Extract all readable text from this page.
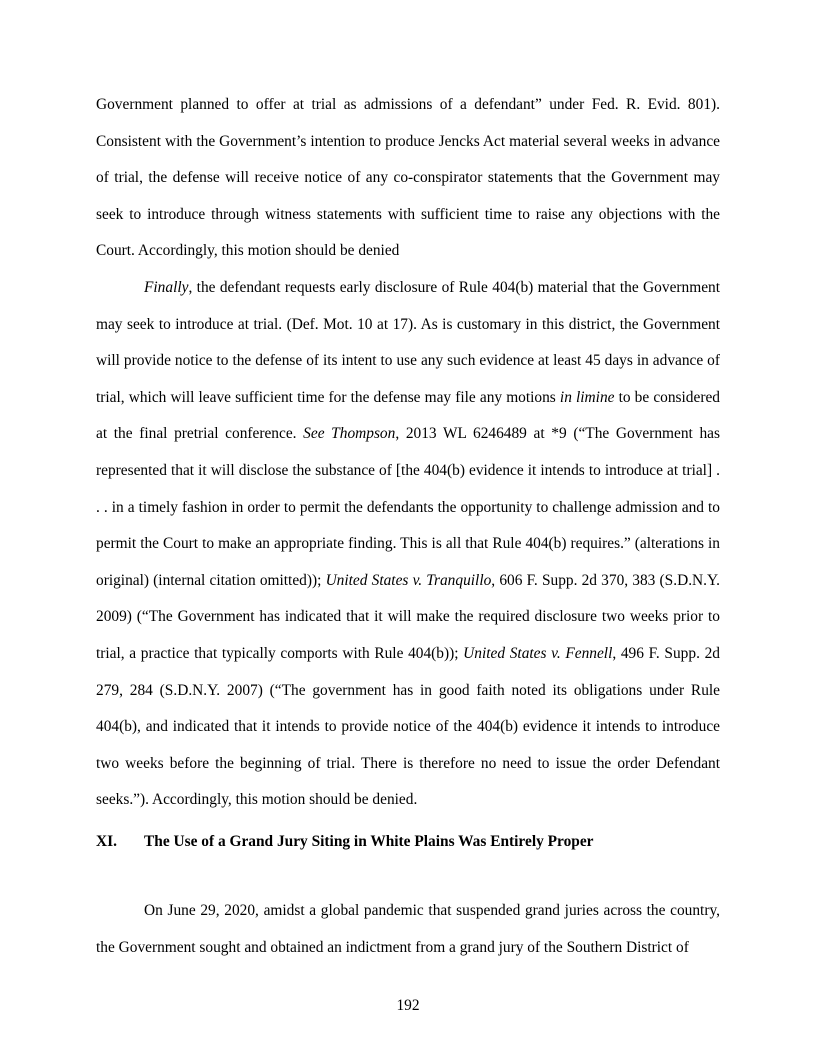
Government planned to offer at trial as admissions of a defendant” under Fed. R. Evid. 801). Consistent with the Government’s intention to produce Jencks Act material several weeks in advance of trial, the defense will receive notice of any co-conspirator statements that the Government may seek to introduce through witness statements with sufficient time to raise any objections with the Court. Accordingly, this motion should be denied

Finally, the defendant requests early disclosure of Rule 404(b) material that the Government may seek to introduce at trial. (Def. Mot. 10 at 17). As is customary in this district, the Government will provide notice to the defense of its intent to use any such evidence at least 45 days in advance of trial, which will leave sufficient time for the defense may file any motions in limine to be considered at the final pretrial conference. See Thompson, 2013 WL 6246489 at *9 (“The Government has represented that it will disclose the substance of [the 404(b) evidence it intends to introduce at trial] . . . in a timely fashion in order to permit the defendants the opportunity to challenge admission and to permit the Court to make an appropriate finding. This is all that Rule 404(b) requires.” (alterations in original) (internal citation omitted)); United States v. Tranquillo, 606 F. Supp. 2d 370, 383 (S.D.N.Y. 2009) (“The Government has indicated that it will make the required disclosure two weeks prior to trial, a practice that typically comports with Rule 404(b)); United States v. Fennell, 496 F. Supp. 2d 279, 284 (S.D.N.Y. 2007) (“The government has in good faith noted its obligations under Rule 404(b), and indicated that it intends to provide notice of the 404(b) evidence it intends to introduce two weeks before the beginning of trial. There is therefore no need to issue the order Defendant seeks.”). Accordingly, this motion should be denied.

XI. The Use of a Grand Jury Siting in White Plains Was Entirely Proper

On June 29, 2020, amidst a global pandemic that suspended grand juries across the country, the Government sought and obtained an indictment from a grand jury of the Southern District of

192
